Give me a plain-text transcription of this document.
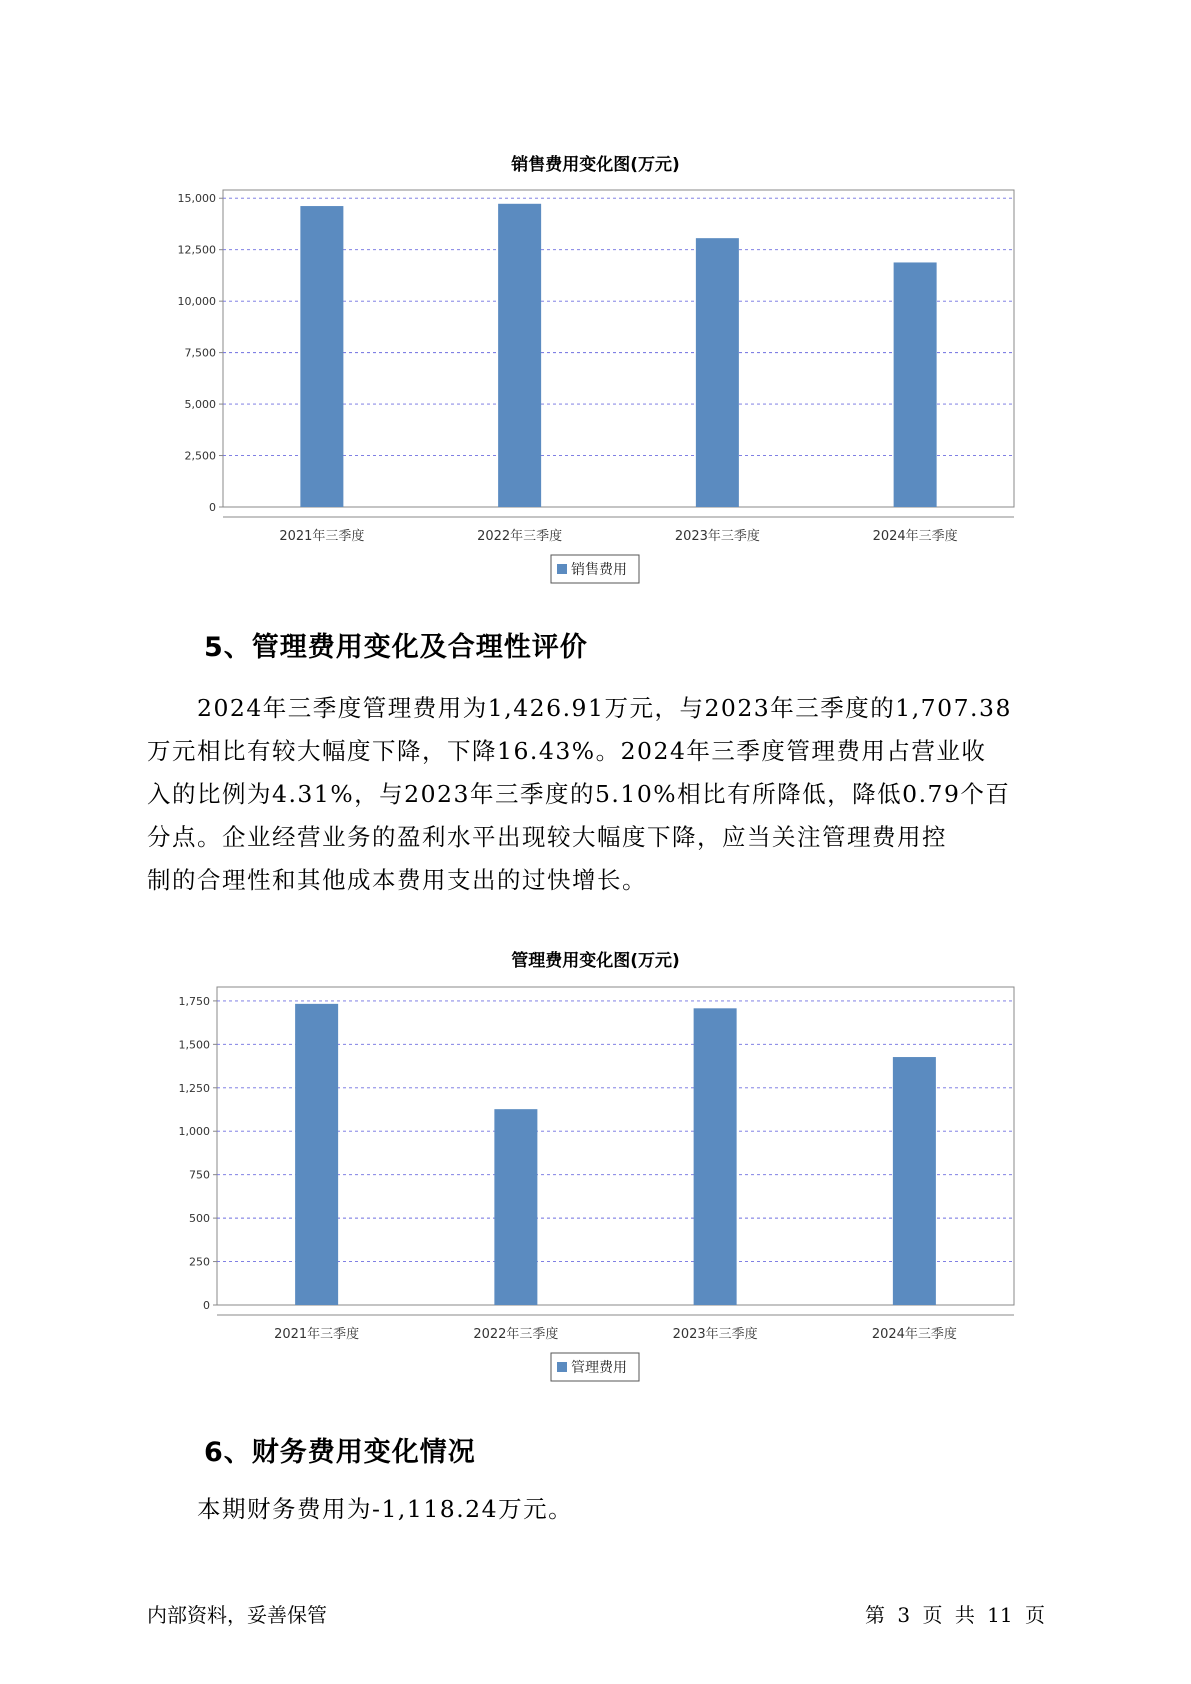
销售费用变化图(万元)
0
2,500
5,000
7,500
10,000
12,500
15,000
2021年三季度	2022年三季度	2023年三季度	2024年三季度
销售费用
5、管理费用变化及合理性评价
2024年三季度管理费用为1,426.91万元，与2023年三季度的1,707.38
万元相比有较大幅度下降，下降16.43%。2024年三季度管理费用占营业收
入的比例为4.31%，与2023年三季度的5.10%相比有所降低，降低0.79个百
分点。企业经营业务的盈利水平出现较大幅度下降，应当关注管理费用控
制的合理性和其他成本费用支出的过快增长。
管理费用变化图(万元)
0
250
500
750
1,000
1,250
1,500
1,750
2021年三季度	2022年三季度	2023年三季度	2024年三季度
管理费用
6、财务费用变化情况
本期财务费用为-1,118.24万元。
内部资料，妥善保管	第 3 页 共 11 页
